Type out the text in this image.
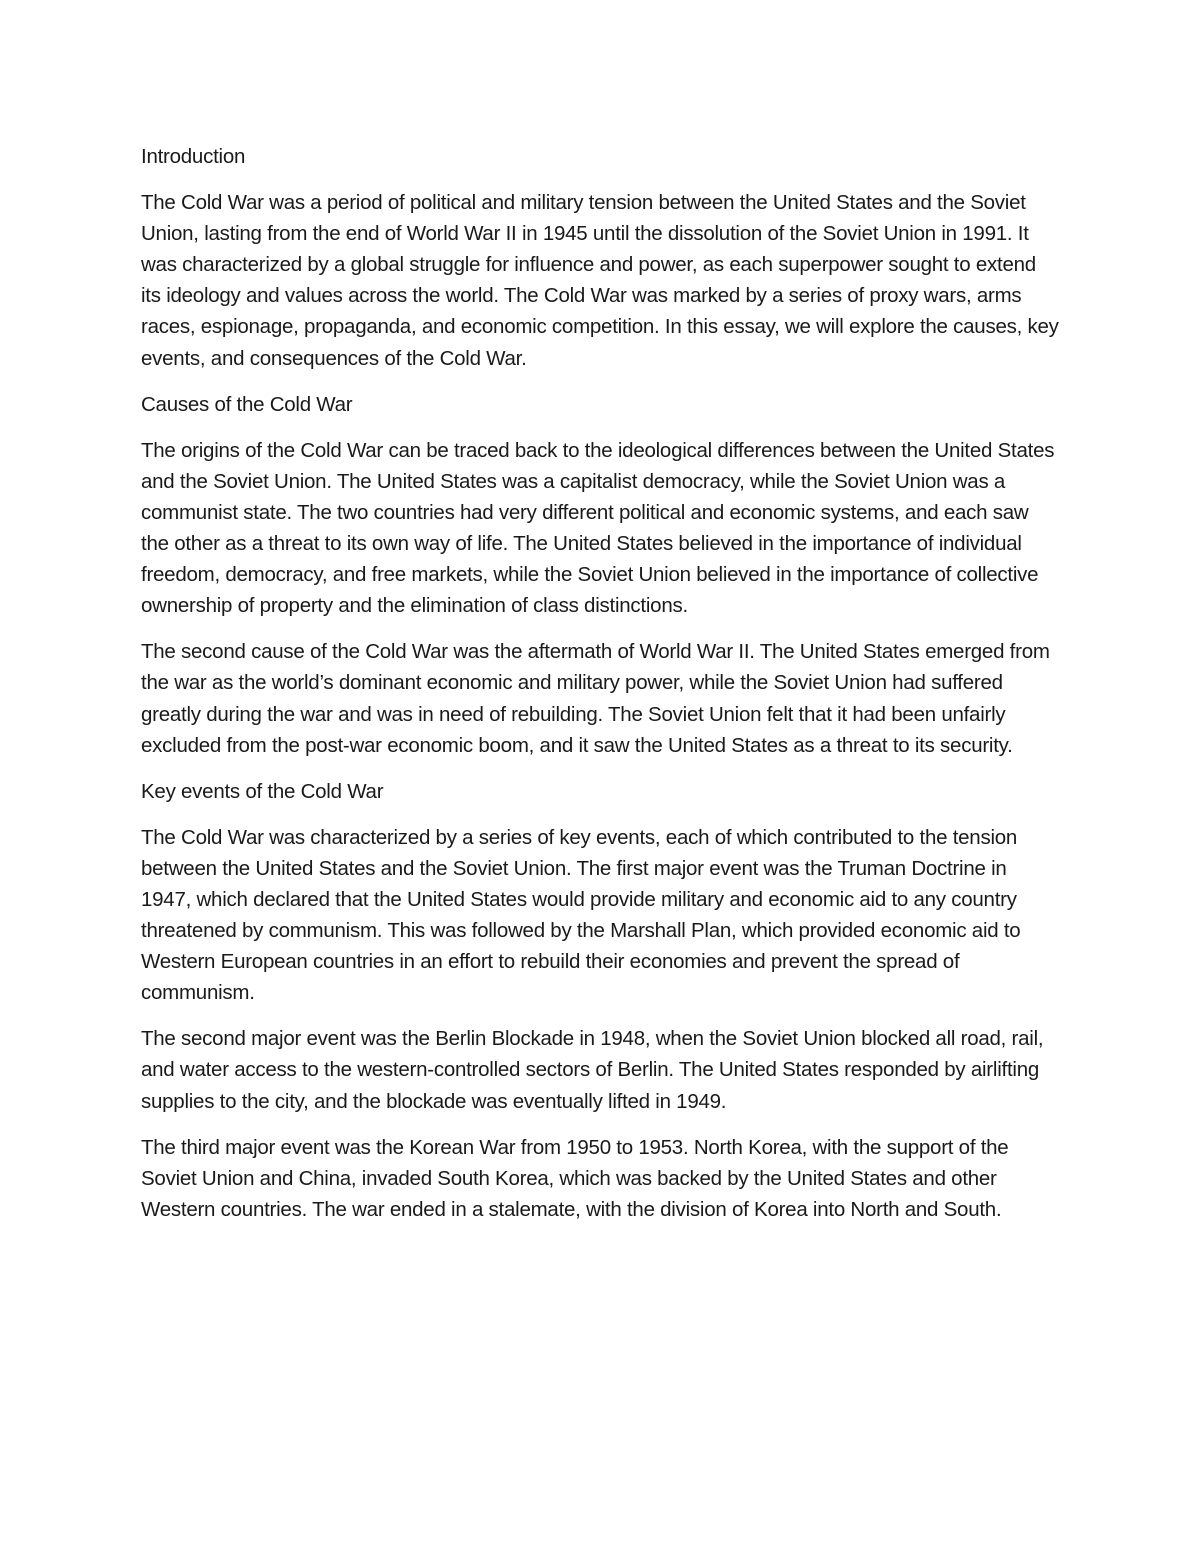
Introduction

The Cold War was a period of political and military tension between the United States and the Soviet Union, lasting from the end of World War II in 1945 until the dissolution of the Soviet Union in 1991. It was characterized by a global struggle for influence and power, as each superpower sought to extend its ideology and values across the world. The Cold War was marked by a series of proxy wars, arms races, espionage, propaganda, and economic competition. In this essay, we will explore the causes, key events, and consequences of the Cold War.

Causes of the Cold War

The origins of the Cold War can be traced back to the ideological differences between the United States and the Soviet Union. The United States was a capitalist democracy, while the Soviet Union was a communist state. The two countries had very different political and economic systems, and each saw the other as a threat to its own way of life. The United States believed in the importance of individual freedom, democracy, and free markets, while the Soviet Union believed in the importance of collective ownership of property and the elimination of class distinctions.

The second cause of the Cold War was the aftermath of World War II. The United States emerged from the war as the world’s dominant economic and military power, while the Soviet Union had suffered greatly during the war and was in need of rebuilding. The Soviet Union felt that it had been unfairly excluded from the post-war economic boom, and it saw the United States as a threat to its security.

Key events of the Cold War

The Cold War was characterized by a series of key events, each of which contributed to the tension between the United States and the Soviet Union. The first major event was the Truman Doctrine in 1947, which declared that the United States would provide military and economic aid to any country threatened by communism. This was followed by the Marshall Plan, which provided economic aid to Western European countries in an effort to rebuild their economies and prevent the spread of communism.

The second major event was the Berlin Blockade in 1948, when the Soviet Union blocked all road, rail, and water access to the western-controlled sectors of Berlin. The United States responded by airlifting supplies to the city, and the blockade was eventually lifted in 1949.

The third major event was the Korean War from 1950 to 1953. North Korea, with the support of the Soviet Union and China, invaded South Korea, which was backed by the United States and other Western countries. The war ended in a stalemate, with the division of Korea into North and South.
